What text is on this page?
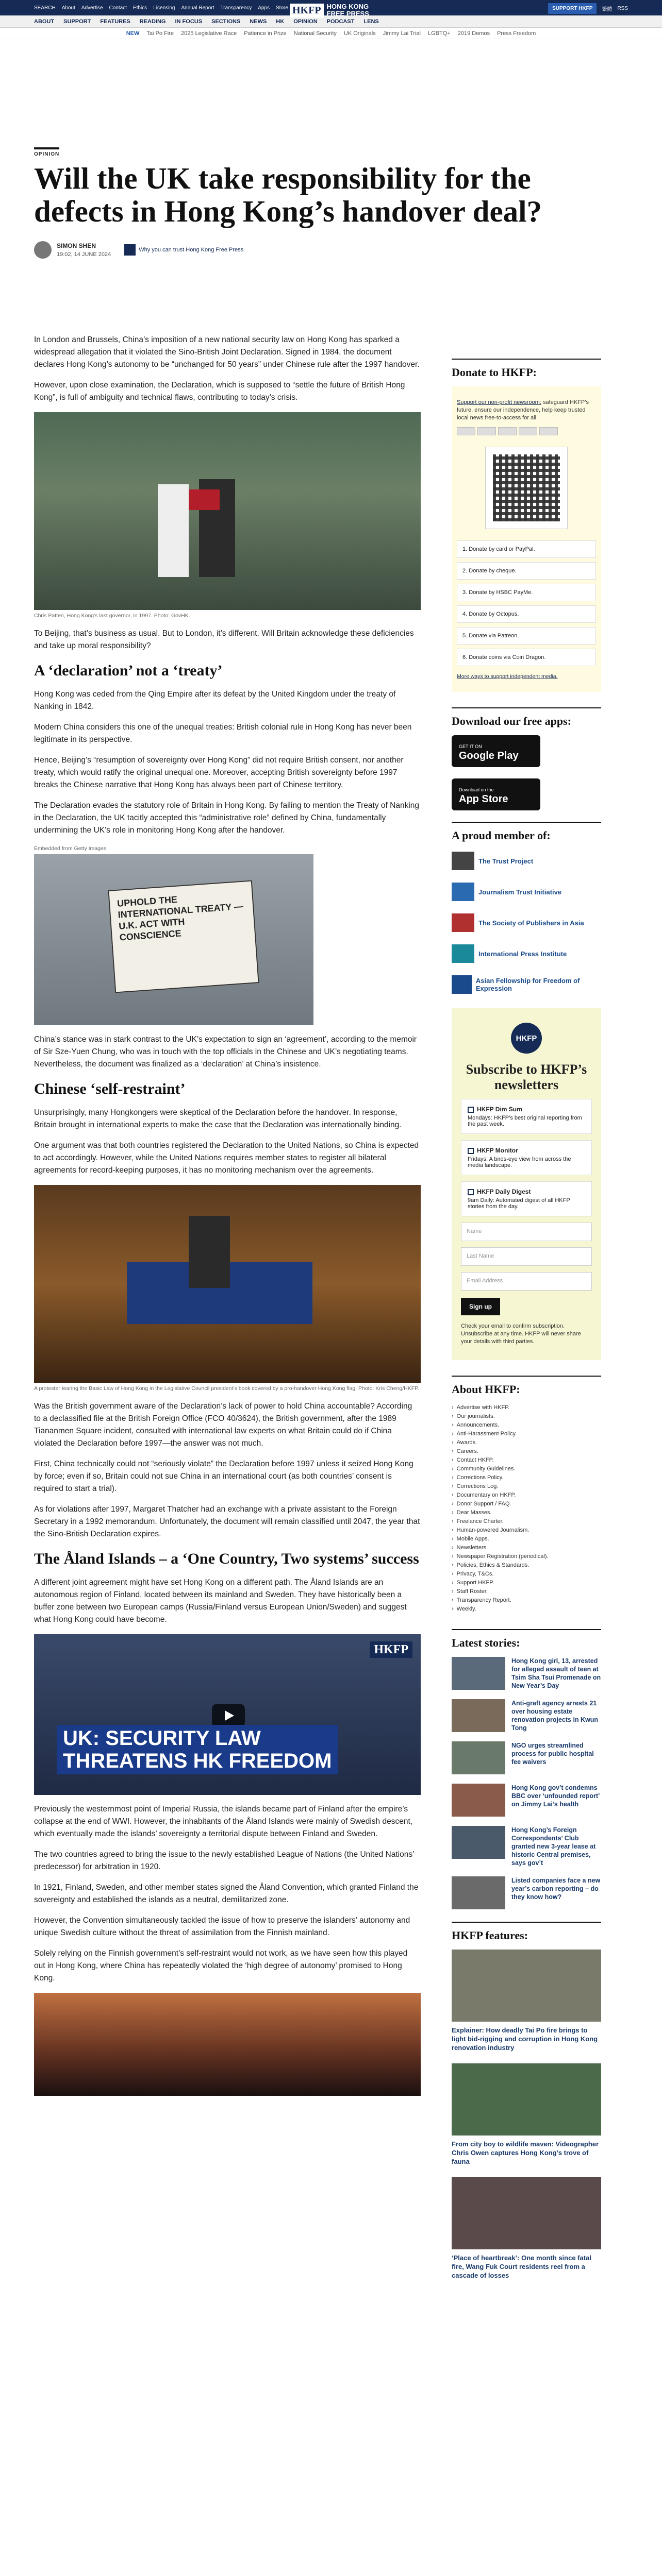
SEARCH About Advertise Contact Ethics Licensing Annual Report Transparency Apps Store HKFP HONG KONG
FREE PRESS
SUPPORT HKFP	繁體 RSS
ABOUT SUPPORT FEATURES READING IN FOCUS SECTIONS NEWS HK OPINION PODCAST LENS
NEW Tai Po Fire 2025 Legislative Race Patience in Prize National Security UK Originals Jimmy Lai Trial LGBTQ+ 2019 Demos Press Freedom
OPINION
Will the UK take responsibility for the defects in Hong Kong’s handover deal?
SIMON SHEN
19:02, 14 JUNE 2024
Why you can trust Hong Kong Free Press

In London and Brussels, China’s imposition of a new national security law on Hong Kong has sparked a widespread allegation that it violated the Sino-British Joint Declaration. Signed in 1984, the document declares Hong Kong’s autonomy to be “unchanged for 50 years” under Chinese rule after the 1997 handover.

However, upon close examination, the Declaration, which is supposed to “settle the future of British Hong Kong”, is full of ambiguity and technical flaws, contributing to today’s crisis.

Chris Patten, Hong Kong’s last governor, in 1997. Photo: GovHK.

To Beijing, that’s business as usual. But to London, it’s different. Will Britain acknowledge these deficiencies and take up moral responsibility?

A ‘declaration’ not a ‘treaty’

Hong Kong was ceded from the Qing Empire after its defeat by the United Kingdom under the treaty of Nanking in 1842.

Modern China considers this one of the unequal treaties: British colonial rule in Hong Kong has never been legitimate in its perspective.

Hence, Beijing’s “resumption of sovereignty over Hong Kong” did not require British consent, nor another treaty, which would ratify the original unequal one. Moreover, accepting British sovereignty before 1997 breaks the Chinese narrative that Hong Kong has always been part of Chinese territory.

The Declaration evades the statutory role of Britain in Hong Kong. By failing to mention the Treaty of Nanking in the Declaration, the UK tacitly accepted this “administrative role” defined by China, fundamentally undermining the UK’s role in monitoring Hong Kong after the handover.

Embedded from Getty Images
UPHOLD THE INTERNATIONAL TREATY — U.K. ACT WITH CONSCIENCE

China’s stance was in stark contrast to the UK’s expectation to sign an ‘agreement’, according to the memoir of Sir Sze-Yuen Chung, who was in touch with the top officials in the Chinese and UK’s negotiating teams. Nevertheless, the document was finalized as a ‘declaration’ at China’s insistence.

Chinese ‘self-restraint’

Unsurprisingly, many Hongkongers were skeptical of the Declaration before the handover. In response, Britain brought in international experts to make the case that the Declaration was internationally binding.

One argument was that both countries registered the Declaration to the United Nations, so China is expected to act accordingly. However, while the United Nations requires member states to register all bilateral agreements for record-keeping purposes, it has no monitoring mechanism over the agreements.

A protester tearing the Basic Law of Hong Kong in the Legislative Council president’s book covered by a pro-handover Hong Kong flag. Photo: Kris Cheng/HKFP.

Was the British government aware of the Declaration’s lack of power to hold China accountable? According to a declassified file at the British Foreign Office (FCO 40/3624), the British government, after the 1989 Tiananmen Square incident, consulted with international law experts on what Britain could do if China violated the Declaration before 1997—the answer was not much.

First, China technically could not “seriously violate” the Declaration before 1997 unless it seized Hong Kong by force; even if so, Britain could not sue China in an international court (as both countries’ consent is required to start a trial).

As for violations after 1997, Margaret Thatcher had an exchange with a private assistant to the Foreign Secretary in a 1992 memorandum. Unfortunately, the document will remain classified until 2047, the year that the Sino-British Declaration expires.

The Åland Islands – a ‘One Country, Two systems’ success

A different joint agreement might have set Hong Kong on a different path. The Åland Islands are an autonomous region of Finland, located between its mainland and Sweden. They have historically been a buffer zone between two European camps (Russia/Finland versus European Union/Sweden) and suggest what Hong Kong could have become.

HKFP
UK: SECURITY LAW
THREATENS HK FREEDOM

Previously the westernmost point of Imperial Russia, the islands became part of Finland after the empire’s collapse at the end of WWI. However, the inhabitants of the Åland Islands were mainly of Swedish descent, which eventually made the islands’ sovereignty a territorial dispute between Finland and Sweden.

The two countries agreed to bring the issue to the newly established League of Nations (the United Nations’ predecessor) for arbitration in 1920.

In 1921, Finland, Sweden, and other member states signed the Åland Convention, which granted Finland the sovereignty and established the islands as a neutral, demilitarized zone.

However, the Convention simultaneously tackled the issue of how to preserve the islanders’ autonomy and unique Swedish culture without the threat of assimilation from the Finnish mainland.

Solely relying on the Finnish government’s self-restraint would not work, as we have seen how this played out in Hong Kong, where China has repeatedly violated the ‘high degree of autonomy’ promised to Hong Kong.

Donate to HKFP:

Support our non-profit newsroom: safeguard HKFP’s future, ensure our independence, help keep trusted local news free-to-access for all.

1. Donate by card or PayPal.
2. Donate by cheque.
3. Donate by HSBC PayMe.
4. Donate by Octopus.
5. Donate via Patreon.
6. Donate coins via Coin Dragon.
More ways to support independent media.
Download our free apps:
GET IT ON
Google Play
Download on the
App Store
A proud member of:
The Trust Project
Journalism Trust Initiative
The Society of Publishers in Asia
International Press Institute
Asian Fellowship for Freedom of Expression
HKFP
Subscribe to HKFP’s newsletters
HKFP Dim Sum
Mondays: HKFP’s best original reporting from the past week.
HKFP Monitor
Fridays: A birds-eye view from across the media landscape.
HKFP Daily Digest
9am Daily: Automated digest of all HKFP stories from the day.
Name
Last Name
Email Address
Sign up

Check your email to confirm subscription. Unsubscribe at any time. HKFP will never share your details with third parties.

About HKFP:
› Advertise with HKFP.
› Our journalists.
› Announcements.
› Anti-Harassment Policy.
› Awards.
› Careers.
› Contact HKFP.
› Community Guidelines.
› Corrections Policy.
› Corrections Log.
› Documentary on HKFP.
› Donor Support / FAQ.
› Dear Masses.
› Freelance Charter.
› Human-powered Journalism.
› Mobile Apps.
› Newsletters.
› Newspaper Registration (periodical).
› Policies, Ethics & Standards.
› Privacy, T&Cs.
› Support HKFP.
› Staff Roster.
› Transparency Report.
› Weekly.
Latest stories:
Hong Kong girl, 13, arrested for alleged assault of teen at Tsim Sha Tsui Promenade on New Year’s Day
Anti-graft agency arrests 21 over housing estate renovation projects in Kwun Tong
NGO urges streamlined process for public hospital fee waivers
Hong Kong gov’t condemns BBC over ‘unfounded report’ on Jimmy Lai’s health
Hong Kong’s Foreign Correspondents’ Club granted new 3-year lease at historic Central premises, says gov’t
Listed companies face a new year’s carbon reporting – do they know how?
HKFP features:
Explainer: How deadly Tai Po fire brings to light bid-rigging and corruption in Hong Kong renovation industry
From city boy to wildlife maven: Videographer Chris Owen captures Hong Kong’s trove of fauna
‘Place of heartbreak’: One month since fatal fire, Wang Fuk Court residents reel from a cascade of losses
